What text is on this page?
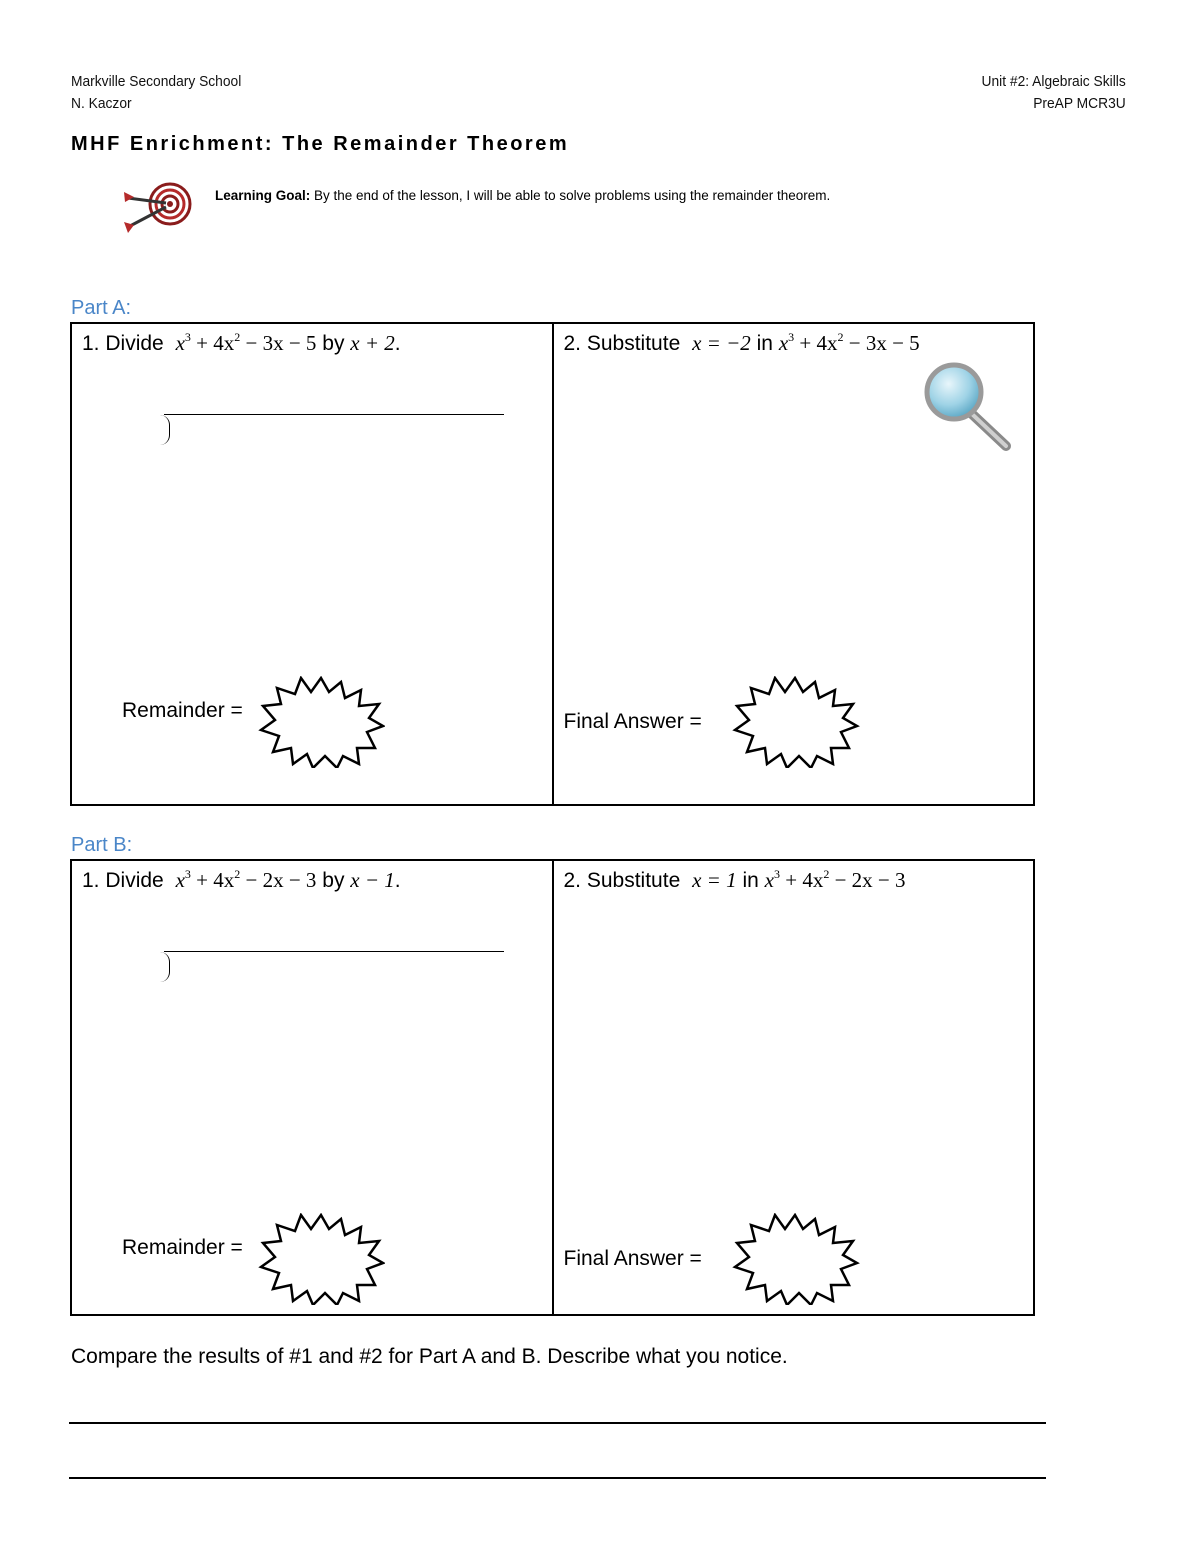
Markville Secondary School
N. Kaczor
Unit #2: Algebraic Skills
PreAP MCR3U
MHF Enrichment: The Remainder Theorem
Learning Goal: By the end of the lesson, I will be able to solve problems using the remainder theorem.
Part A:
1. Divide $x^3 + 4x^2 - 3x - 5$ by x + 2.
Remainder =
2. Substitute x = −2 in $x^3 + 4x^2 - 3x - 5$
Final Answer =
Part B:
1. Divide $x^3 + 4x^2 - 2x - 3$ by x − 1.
Remainder =
2. Substitute x = 1 in $x^3 + 4x^2 - 2x - 3$
Final Answer =
Compare the results of #1 and #2 for Part A and B. Describe what you notice.
